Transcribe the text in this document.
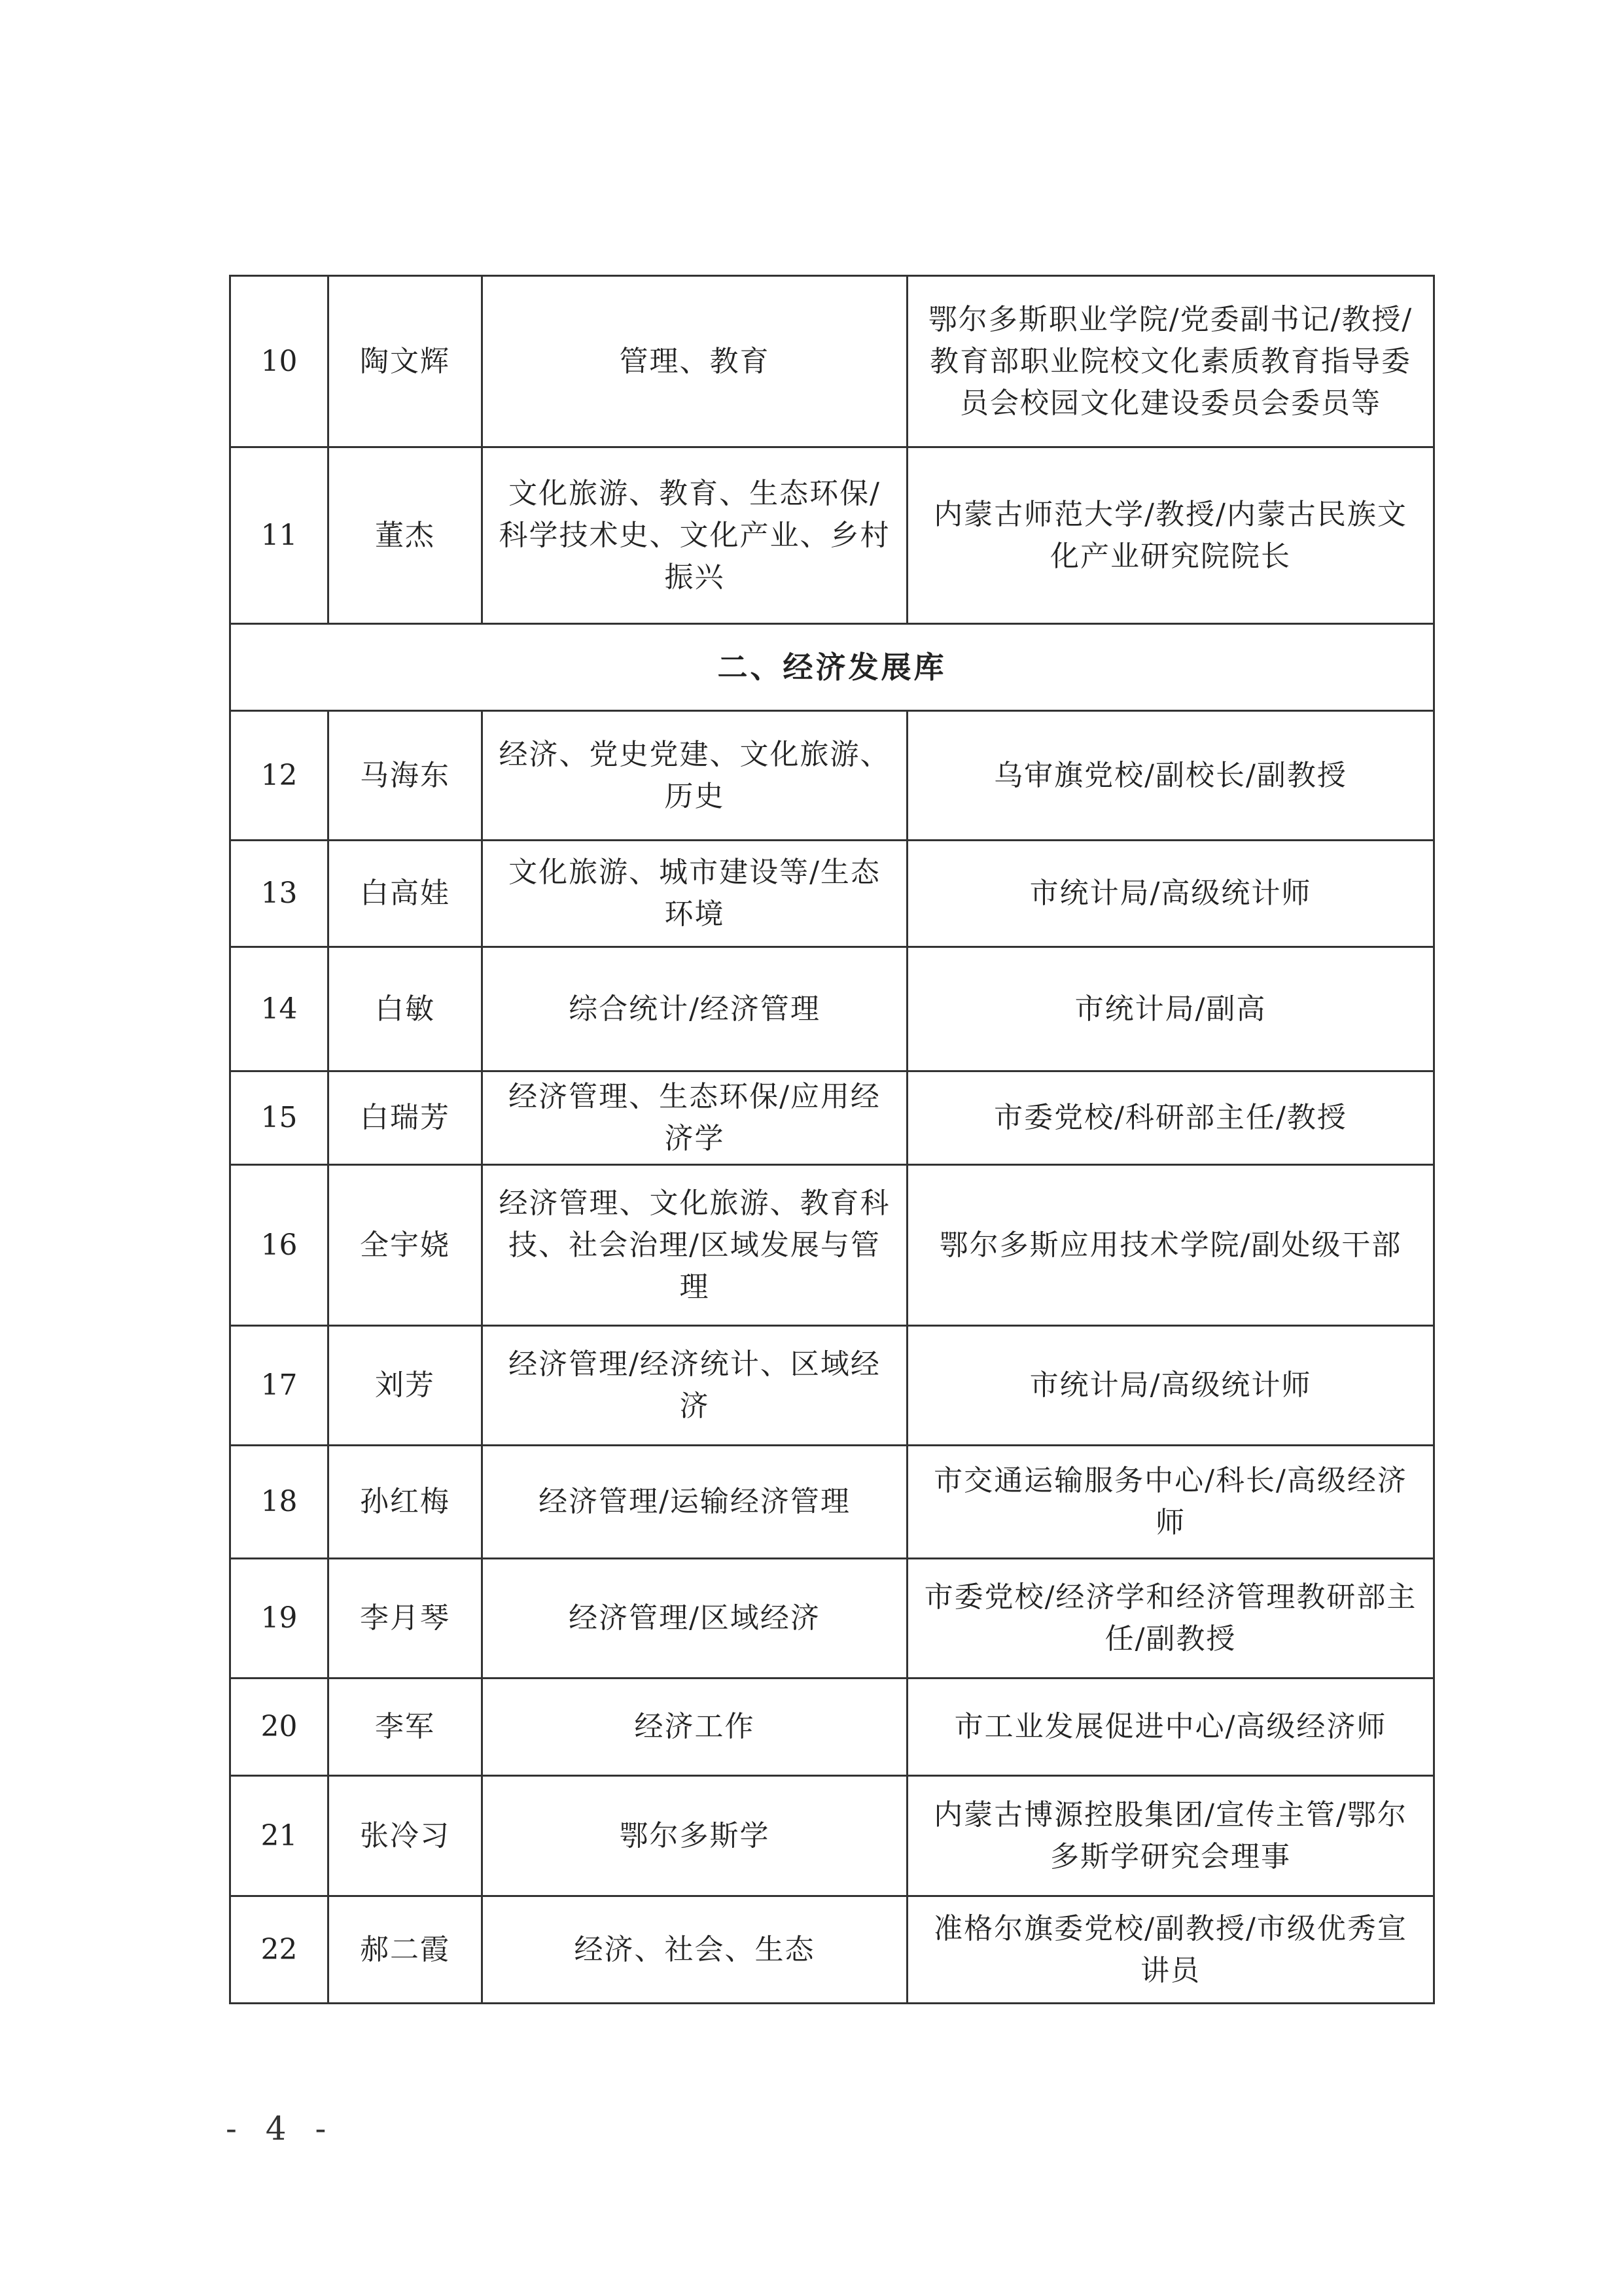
10	陶文辉	管理、教育	鄂尔多斯职业学院/党委副书记/教授/教育部职业院校文化素质教育指导委员会校园文化建设委员会委员等
11	董杰	文化旅游、教育、生态环保/科学技术史、文化产业、乡村振兴	内蒙古师范大学/教授/内蒙古民族文化产业研究院院长
二、经济发展库			
12	马海东	经济、党史党建、文化旅游、历史	乌审旗党校/副校长/副教授
13	白高娃	文化旅游、城市建设等/生态环境	市统计局/高级统计师
14	白敏	综合统计/经济管理	市统计局/副高
15	白瑞芳	经济管理、生态环保/应用经济学	市委党校/科研部主任/教授
16	全宇娆	经济管理、文化旅游、教育科技、社会治理/区域发展与管理	鄂尔多斯应用技术学院/副处级干部
17	刘芳	经济管理/经济统计、区域经济	市统计局/高级统计师
18	孙红梅	经济管理/运输经济管理	市交通运输服务中心/科长/高级经济师
19	李月琴	经济管理/区域经济	市委党校/经济学和经济管理教研部主任/副教授
20	李军	经济工作	市工业发展促进中心/高级经济师
21	张冷习	鄂尔多斯学	内蒙古博源控股集团/宣传主管/鄂尔多斯学研究会理事
22	郝二霞	经济、社会、生态	准格尔旗委党校/副教授/市级优秀宣讲员
- 4 -
